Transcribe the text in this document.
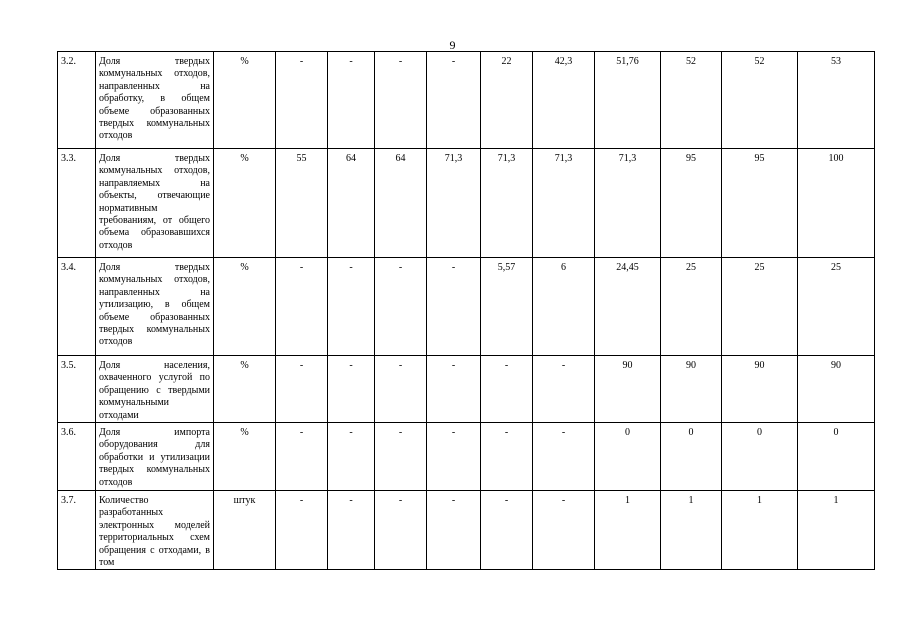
9
3.2.	Доля твердых коммунальных отходов, направленных на обработку, в общем объеме образованных твердых коммунальных отходов	%	-	-	-	-	22	42,3	51,76	52	52	53
3.3.	Доля твердых коммунальных отходов, направляемых на объекты, отвечающие нормативным требованиям, от общего объема образовавшихся отходов	%	55	64	64	71,3	71,3	71,3	71,3	95	95	100
3.4.	Доля твердых коммунальных отходов, направленных на утилизацию, в общем объеме образованных твердых коммунальных отходов	%	-	-	-	-	5,57	6	24,45	25	25	25
3.5.	Доля населения, охваченного услугой по обращению с твердыми коммунальными отходами	%	-	-	-	-	-	-	90	90	90	90
3.6.	Доля импорта оборудования для обработки и утилизации твердых коммунальных отходов	%	-	-	-	-	-	-	0	0	0	0
3.7.	Количество разработанных электронных моделей территориальных схем обращения с отходами, в том	штук	-	-	-	-	-	-	1	1	1	1
